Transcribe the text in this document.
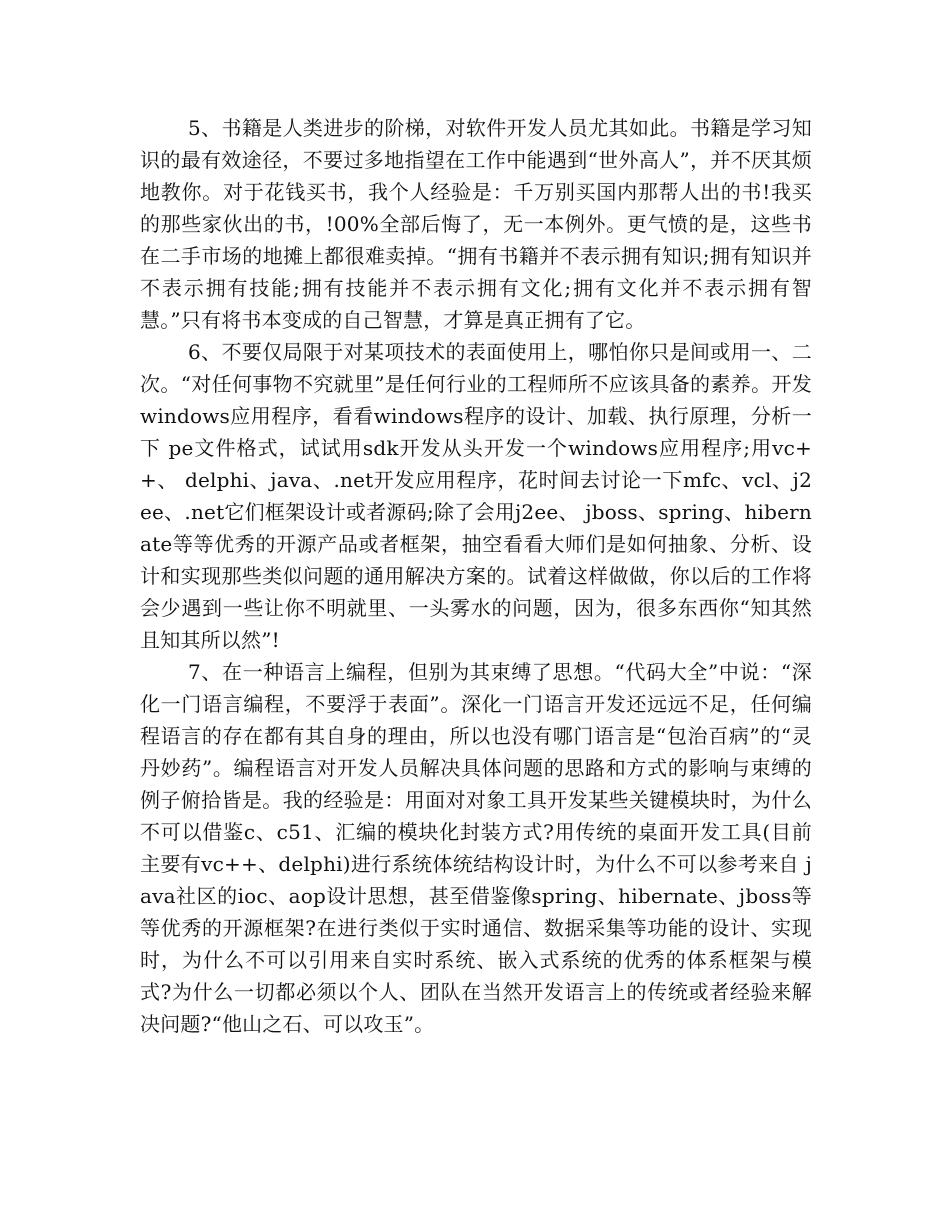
5、书籍是人类进步的阶梯，对软件开发人员尤其如此。书籍是学习知识的最有效途径，不要过多地指望在工作中能遇到“世外高人”，并不厌其烦地教你。对于花钱买书，我个人经验是：千万别买国内那帮人出的书!我买的那些家伙出的书，!00%全部后悔了，无一本例外。更气愤的是，这些书在二手市场的地摊上都很难卖掉。“拥有书籍并不表示拥有知识;拥有知识并不表示拥有技能;拥有技能并不表示拥有文化;拥有文化并不表示拥有智慧。”只有将书本变成的自己智慧，才算是真正拥有了它。

6、不要仅局限于对某项技术的表面使用上，哪怕你只是间或用一、二次。“对任何事物不究就里”是任何行业的工程师所不应该具备的素养。开发windows应用程序，看看windows程序的设计、加载、执行原理，分析一下 pe文件格式，试试用sdk开发从头开发一个windows应用程序;用vc++、 delphi、java、.net开发应用程序，花时间去讨论一下mfc、vcl、j2ee、.net它们框架设计或者源码;除了会用j2ee、 jboss、spring、hibernate等等优秀的开源产品或者框架，抽空看看大师们是如何抽象、分析、设计和实现那些类似问题的通用解决方案的。试着这样做做，你以后的工作将会少遇到一些让你不明就里、一头雾水的问题，因为，很多东西你“知其然且知其所以然”!

7、在一种语言上编程，但别为其束缚了思想。“代码大全”中说：“深化一门语言编程，不要浮于表面”。深化一门语言开发还远远不足，任何编程语言的存在都有其自身的理由，所以也没有哪门语言是“包治百病”的“灵丹妙药”。编程语言对开发人员解决具体问题的思路和方式的影响与束缚的例子俯拾皆是。我的经验是：用面对对象工具开发某些关键模块时，为什么不可以借鉴c、c51、汇编的模块化封装方式?用传统的桌面开发工具(目前主要有vc++、delphi)进行系统体统结构设计时，为什么不可以参考来自 java社区的ioc、aop设计思想，甚至借鉴像spring、hibernate、jboss等等优秀的开源框架?在进行类似于实时通信、数据采集等功能的设计、实现时，为什么不可以引用来自实时系统、嵌入式系统的优秀的体系框架与模式?为什么一切都必须以个人、团队在当然开发语言上的传统或者经验来解决问题?“他山之石、可以攻玉”。
